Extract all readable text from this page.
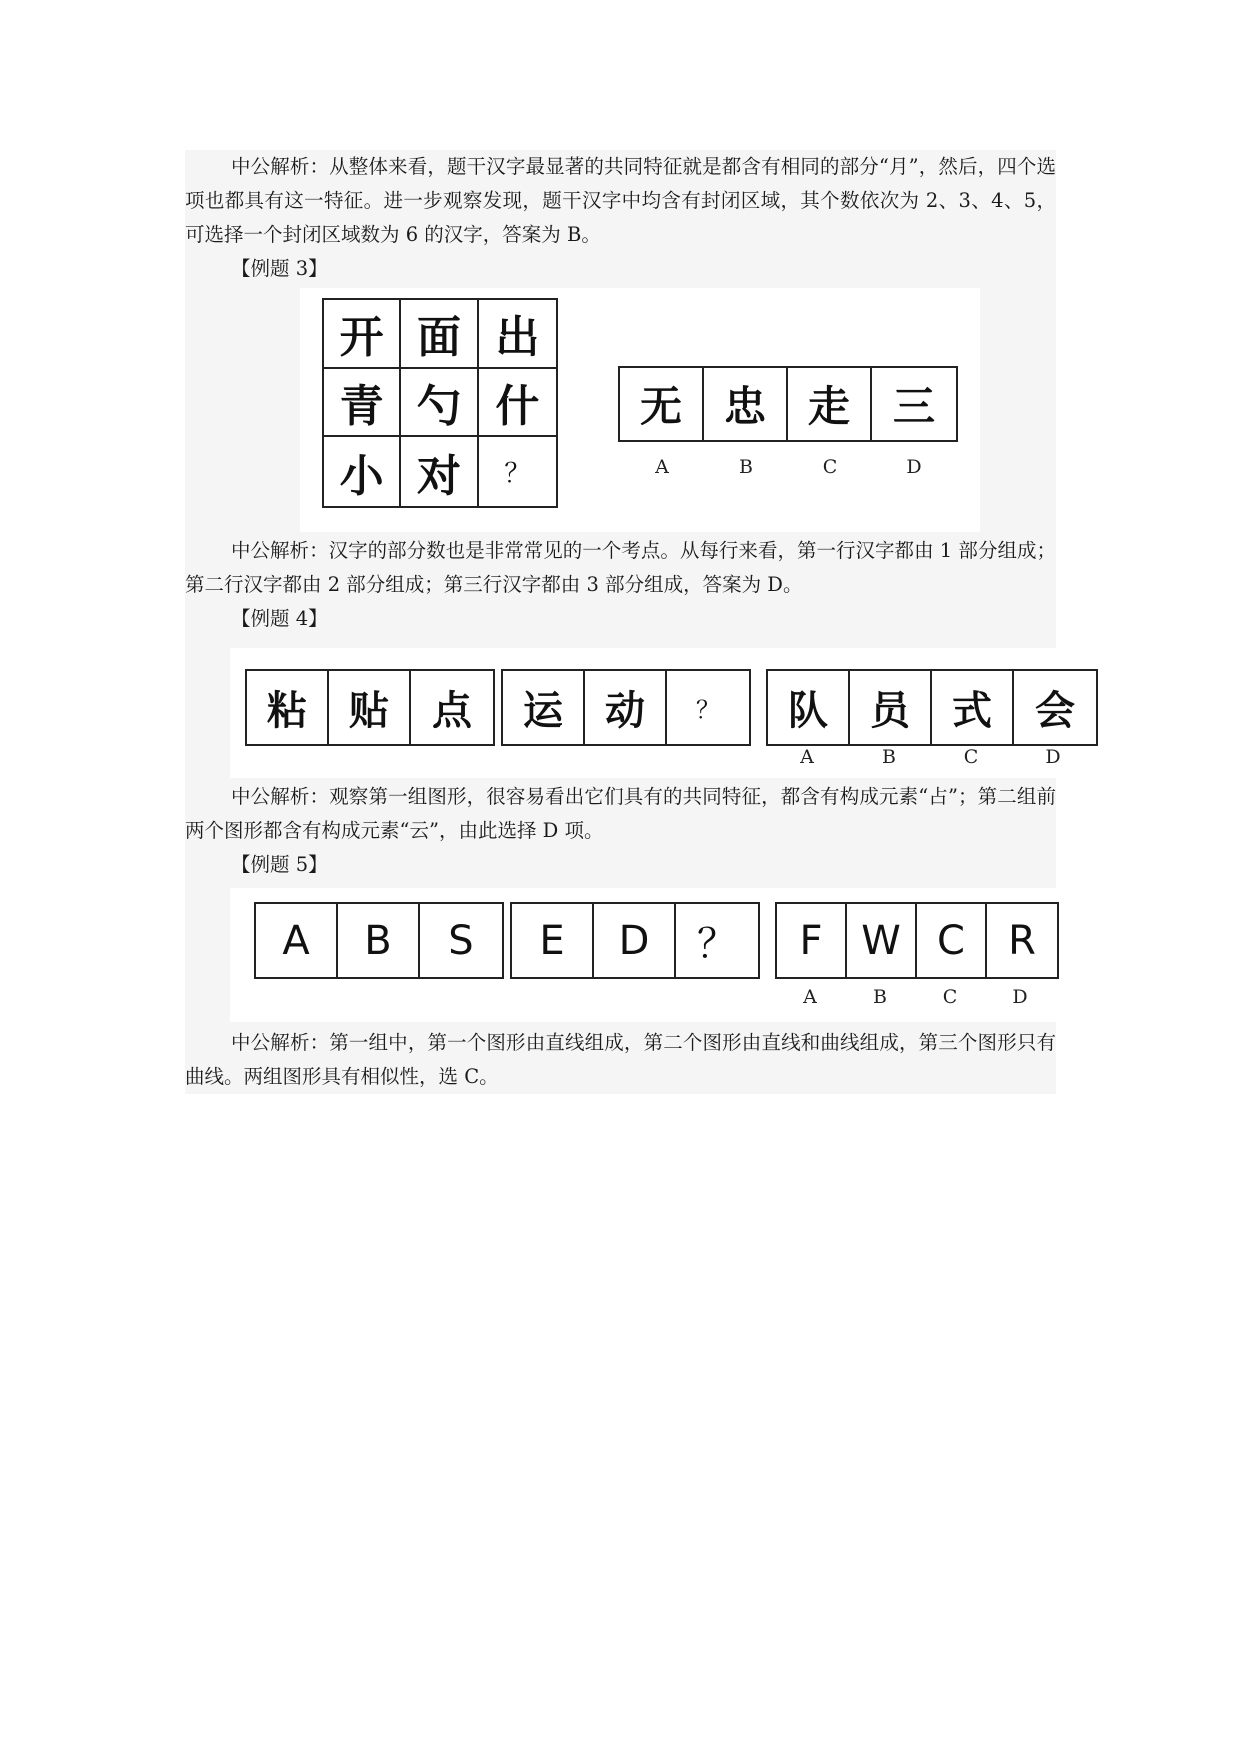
中公解析：从整体来看，题干汉字最显著的共同特征就是都含有相同的部分“月”，然后，四个选项也都具有这一特征。进一步观察发现，题干汉字中均含有封闭区域，其个数依次为 2、3、4、5，可选择一个封闭区域数为 6 的汉字，答案为 B。

【例题 3】

开 面 出
青 勺 什
小 对	？
无 忠 走	三
A	B	C	D

中公解析：汉字的部分数也是非常常见的一个考点。从每行来看，第一行汉字都由 1 部分组成；第二行汉字都由 2 部分组成；第三行汉字都由 3 部分组成，答案为 D。

【例题 4】

粘	贴	点	运	动	？	队	员	式	会
A	B	C	D

中公解析：观察第一组图形，很容易看出它们具有的共同特征，都含有构成元素“占”；第二组前两个图形都含有构成元素“云”，由此选择 D 项。

【例题 5】

A	B	S	E	D	？	F W C	R
A	B	C	D

中公解析：第一组中，第一个图形由直线组成，第二个图形由直线和曲线组成，第三个图形只有曲线。两组图形具有相似性，选 C。
